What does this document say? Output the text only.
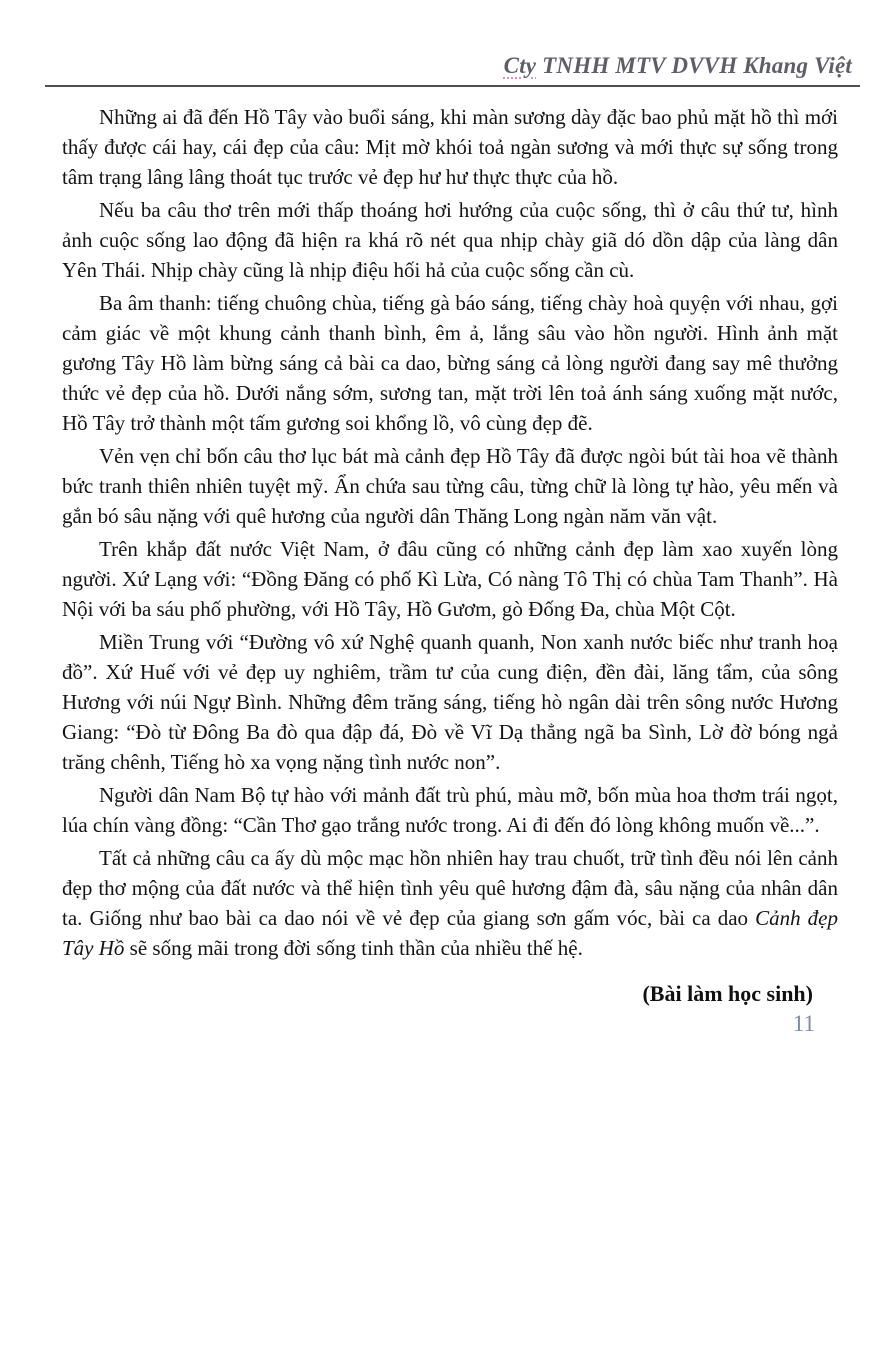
Cty TNHH MTV DVVH Khang Việt

Những ai đã đến Hồ Tây vào buổi sáng, khi màn sương dày đặc bao phủ mặt hồ thì mới thấy được cái hay, cái đẹp của câu: Mịt mờ khói toả ngàn sương và mới thực sự sống trong tâm trạng lâng lâng thoát tục trước vẻ đẹp hư hư thực thực của hồ.

Nếu ba câu thơ trên mới thấp thoáng hơi hướng của cuộc sống, thì ở câu thứ tư, hình ảnh cuộc sống lao động đã hiện ra khá rõ nét qua nhịp chày giã dó dồn dập của làng dân Yên Thái. Nhịp chày cũng là nhịp điệu hối hả của cuộc sống cần cù.

Ba âm thanh: tiếng chuông chùa, tiếng gà báo sáng, tiếng chày hoà quyện với nhau, gợi cảm giác về một khung cảnh thanh bình, êm ả, lắng sâu vào hồn người. Hình ảnh mặt gương Tây Hồ làm bừng sáng cả bài ca dao, bừng sáng cả lòng người đang say mê thưởng thức vẻ đẹp của hồ. Dưới nắng sớm, sương tan, mặt trời lên toả ánh sáng xuống mặt nước, Hồ Tây trở thành một tấm gương soi khổng lồ, vô cùng đẹp đẽ.

Vẻn vẹn chỉ bốn câu thơ lục bát mà cảnh đẹp Hồ Tây đã được ngòi bút tài hoa vẽ thành bức tranh thiên nhiên tuyệt mỹ. Ẩn chứa sau từng câu, từng chữ là lòng tự hào, yêu mến và gắn bó sâu nặng với quê hương của người dân Thăng Long ngàn năm văn vật.

Trên khắp đất nước Việt Nam, ở đâu cũng có những cảnh đẹp làm xao xuyến lòng người. Xứ Lạng với: “Đồng Đăng có phố Kì Lừa, Có nàng Tô Thị có chùa Tam Thanh”. Hà Nội với ba sáu phố phường, với Hồ Tây, Hồ Gươm, gò Đống Đa, chùa Một Cột.

Miền Trung với “Đường vô xứ Nghệ quanh quanh, Non xanh nước biếc như tranh hoạ đồ”. Xứ Huế với vẻ đẹp uy nghiêm, trầm tư của cung điện, đền đài, lăng tẩm, của sông Hương với núi Ngự Bình. Những đêm trăng sáng, tiếng hò ngân dài trên sông nước Hương Giang: “Đò từ Đông Ba đò qua đập đá, Đò về Vĩ Dạ thẳng ngã ba Sình, Lờ đờ bóng ngả trăng chênh, Tiếng hò xa vọng nặng tình nước non”.

Người dân Nam Bộ tự hào với mảnh đất trù phú, màu mỡ, bốn mùa hoa thơm trái ngọt, lúa chín vàng đồng: “Cần Thơ gạo trắng nước trong. Ai đi đến đó lòng không muốn về...”.

Tất cả những câu ca ấy dù mộc mạc hồn nhiên hay trau chuốt, trữ tình đều nói lên cảnh đẹp thơ mộng của đất nước và thể hiện tình yêu quê hương đậm đà, sâu nặng của nhân dân ta. Giống như bao bài ca dao nói về vẻ đẹp của giang sơn gấm vóc, bài ca dao Cảnh đẹp Tây Hồ sẽ sống mãi trong đời sống tinh thần của nhiều thế hệ.

(Bài làm học sinh)
11
